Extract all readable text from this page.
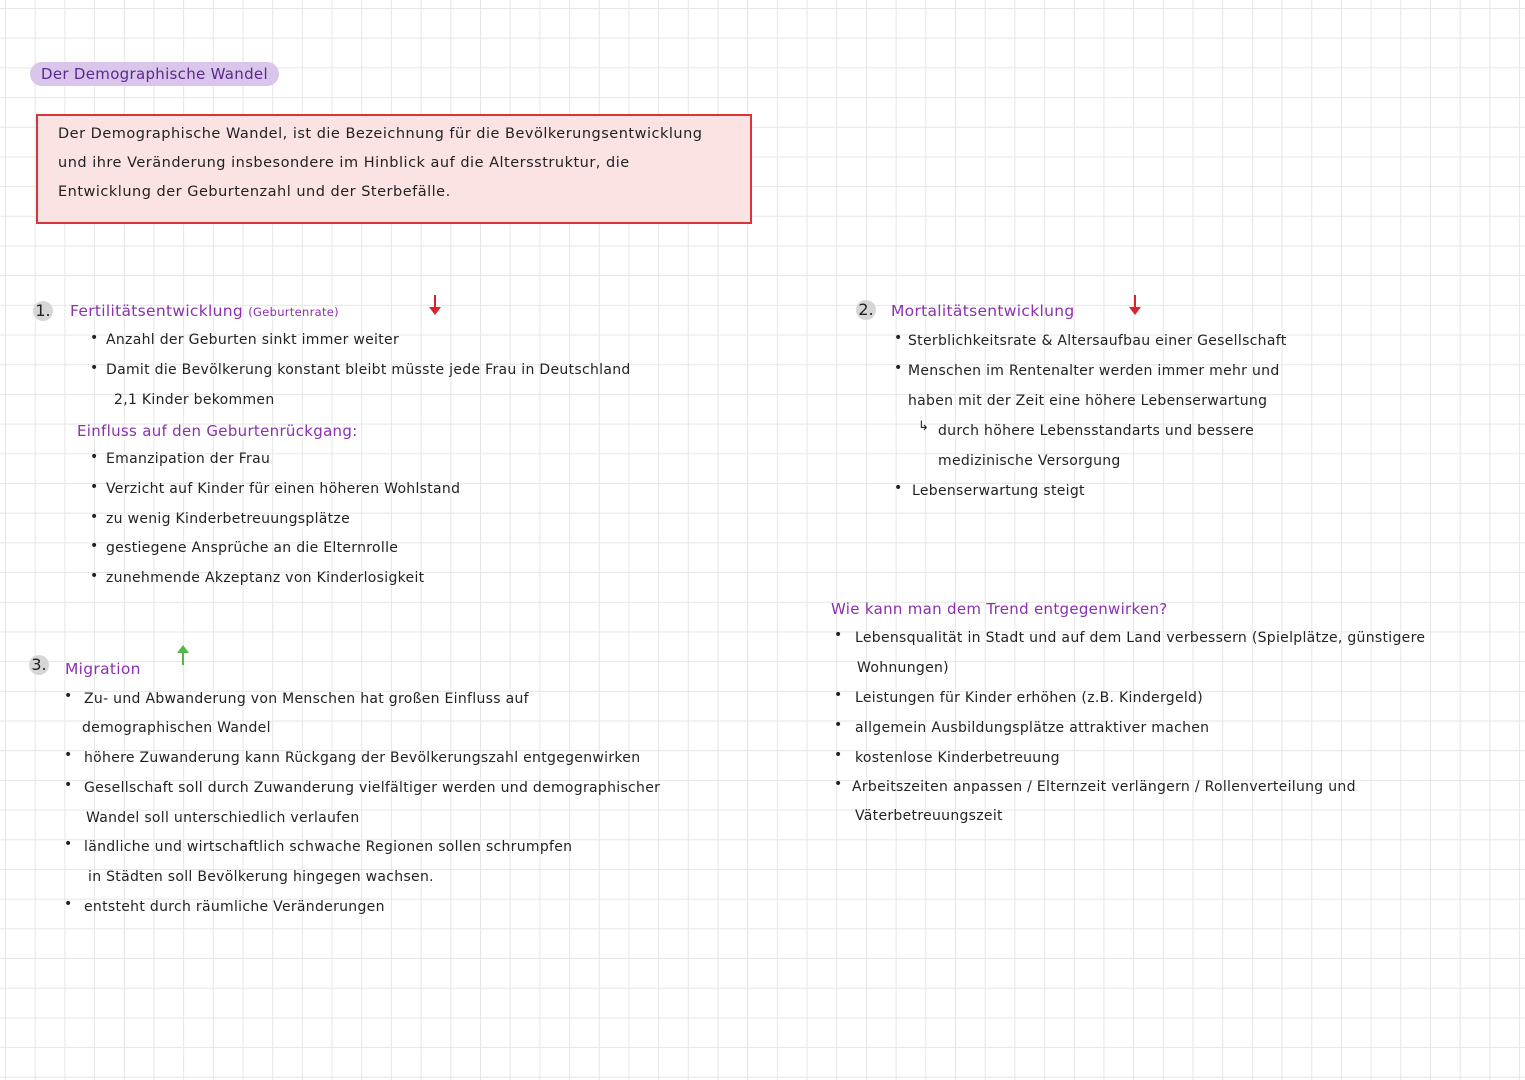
Der Demographische Wandel
Der Demographische Wandel, ist die Bezeichnung für die Bevölkerungsentwicklung
und ihre Veränderung insbesondere im Hinblick auf die Altersstruktur, die
Entwicklung der Geburtenzahl und der Sterbefälle.
1. Fertilitätsentwicklung (Geburtenrate)
• Anzahl der Geburten sinkt immer weiter
• Damit die Bevölkerung konstant bleibt müsste jede Frau in Deutschland
2,1 Kinder bekommen
Einfluss auf den Geburtenrückgang:
• Emanzipation der Frau
• Verzicht auf Kinder für einen höheren Wohlstand
• zu wenig Kinderbetreuungsplätze
• gestiegene Ansprüche an die Elternrolle
• zunehmende Akzeptanz von Kinderlosigkeit
2. Mortalitätsentwicklung
• Sterblichkeitsrate & Altersaufbau einer Gesellschaft
• Menschen im Rentenalter werden immer mehr und
haben mit der Zeit eine höhere Lebenserwartung
↳ durch höhere Lebensstandarts und bessere
medizinische Versorgung
• Lebenserwartung steigt
Wie kann man dem Trend entgegenwirken?
• Lebensqualität in Stadt und auf dem Land verbessern (Spielplätze, günstigere
Wohnungen)
• Leistungen für Kinder erhöhen (z.B. Kindergeld)
• allgemein Ausbildungsplätze attraktiver machen
• kostenlose Kinderbetreuung
• Arbeitszeiten anpassen / Elternzeit verlängern / Rollenverteilung und
Väterbetreuungszeit
3. Migration
• Zu- und Abwanderung von Menschen hat großen Einfluss auf
demographischen Wandel
• höhere Zuwanderung kann Rückgang der Bevölkerungszahl entgegenwirken
• Gesellschaft soll durch Zuwanderung vielfältiger werden und demographischer
Wandel soll unterschiedlich verlaufen
• ländliche und wirtschaftlich schwache Regionen sollen schrumpfen
in Städten soll Bevölkerung hingegen wachsen.
• entsteht durch räumliche Veränderungen
